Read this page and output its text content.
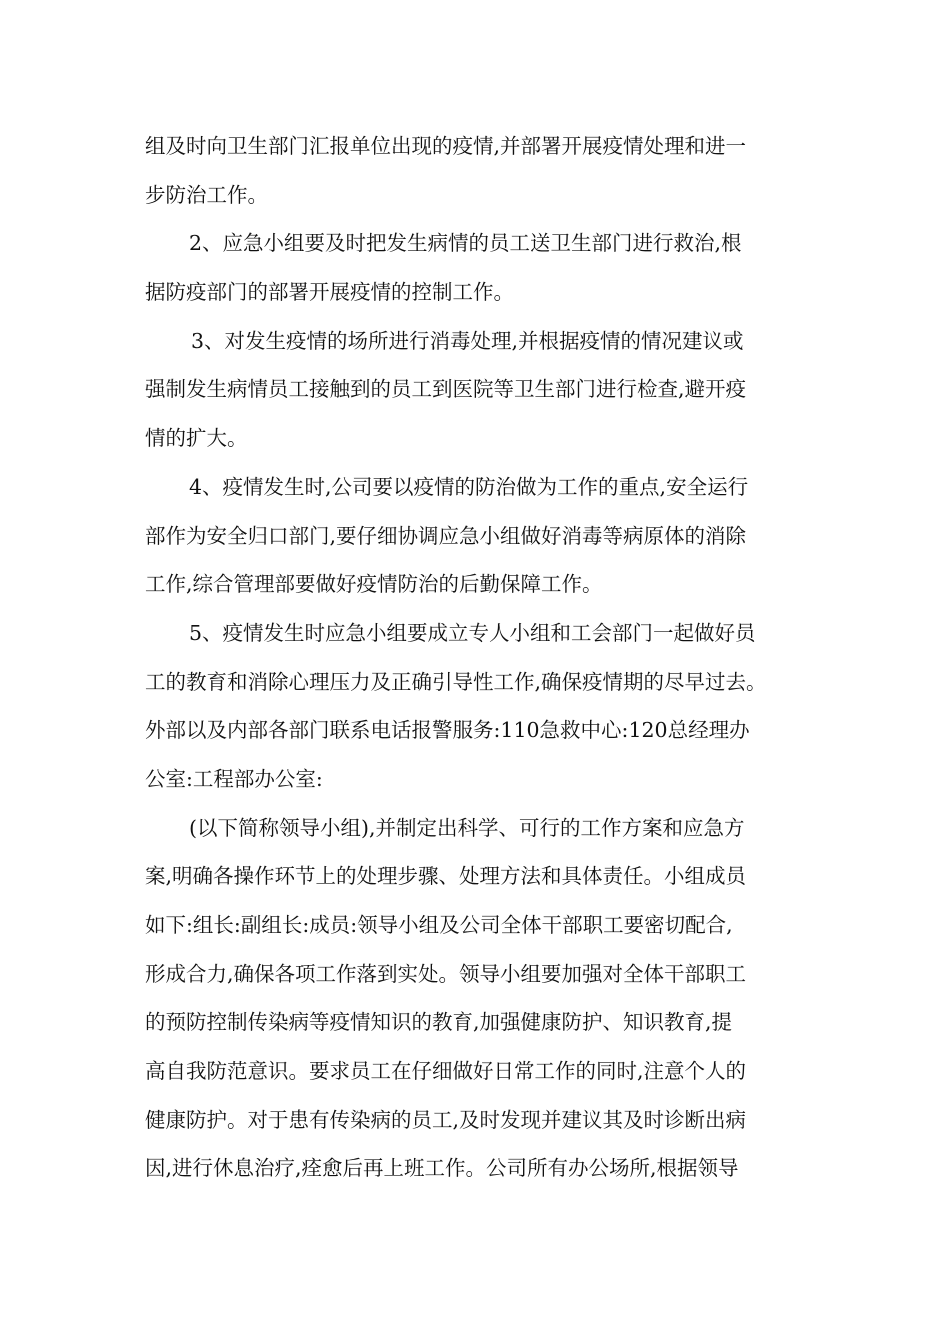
组及时向卫生部门汇报单位出现的疫情,并部署开展疫情处理和进一
步防治工作。
2、应急小组要及时把发生病情的员工送卫生部门进行救治,根
据防疫部门的部署开展疫情的控制工作。
3、对发生疫情的场所进行消毒处理,并根据疫情的情况建议或
强制发生病情员工接触到的员工到医院等卫生部门进行检查,避开疫
情的扩大。
4、疫情发生时,公司要以疫情的防治做为工作的重点,安全运行
部作为安全归口部门,要仔细协调应急小组做好消毒等病原体的消除
工作,综合管理部要做好疫情防治的后勤保障工作。
5、疫情发生时应急小组要成立专人小组和工会部门一起做好员
工的教育和消除心理压力及正确引导性工作,确保疫情期的尽早过去。
外部以及内部各部门联系电话报警服务:110急救中心:120总经理办
公室:工程部办公室:
(以下简称领导小组),并制定出科学、可行的工作方案和应急方
案,明确各操作环节上的处理步骤、处理方法和具体责任。小组成员
如下:组长:副组长:成员:领导小组及公司全体干部职工要密切配合,
形成合力,确保各项工作落到实处。领导小组要加强对全体干部职工
的预防控制传染病等疫情知识的教育,加强健康防护、知识教育,提
高自我防范意识。要求员工在仔细做好日常工作的同时,注意个人的
健康防护。对于患有传染病的员工,及时发现并建议其及时诊断出病
因,进行休息治疗,痊愈后再上班工作。公司所有办公场所,根据领导
